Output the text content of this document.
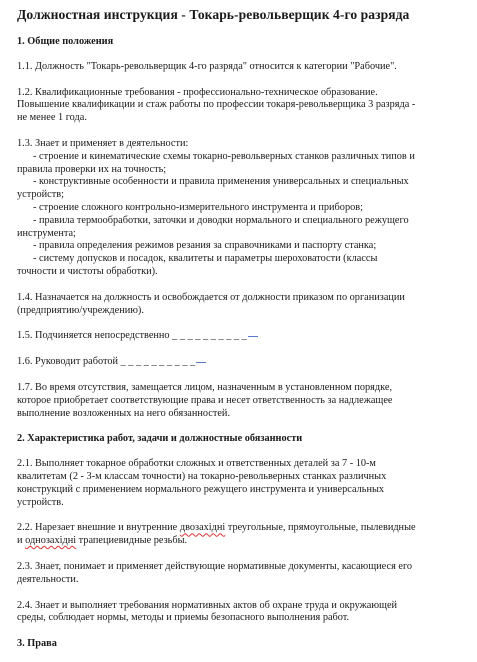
Должностная инструкция - Токарь-револьверщик 4-го разряда
1. Общие положения
1.1. Должность "Токарь-револьверщик 4-го разряда" относится к категории "Рабочие".
1.2. Квалификационные требования - профессионально-техническое образование.
Повышение квалификации и стаж работы по профессии токаря-револьверщика 3 разряда -
не менее 1 года.
1.3. Знает и применяет в деятельности:
- строение и кинематические схемы токарно-револьверных станков различных типов и
правила проверки их на точность;
- конструктивные особенности и правила применения универсальных и специальных
устройств;
- строение сложного контрольно-измерительного инструмента и приборов;
- правила термообработки, заточки и доводки нормального и специального режущего
инструмента;
- правила определения режимов резания за справочниками и паспорту станка;
- систему допусков и посадок, квалитеты и параметры шероховатости (классы
точности и чистоты обработки).
1.4. Назначается на должность и освобождается от должности приказом по организации
(предприятию/учреждению).
1.5. Подчиняется непосредственно _ _ _ _ _ _ _ _ _ _
1.6. Руководит работой _ _ _ _ _ _ _ _ _ _
1.7. Во время отсутствия, замещается лицом, назначенным в установленном порядке,
которое приобретает соответствующие права и несет ответственность за надлежащее
выполнение возложенных на него обязанностей.
2. Характеристика работ, задачи и должностные обязанности
2.1. Выполняет токарное обработки сложных и ответственных деталей за 7 - 10-м
квалитетам (2 - 3-м классам точности) на токарно-револьверных станках различных
конструкций с применением нормального режущего инструмента и универсальных
устройств.
2.2. Нарезает внешние и внутренние двозахідні треугольные, прямоугольные, пылевидные
и однозахідні трапециевидные резьбы.
2.3. Знает, понимает и применяет действующие нормативные документы, касающиеся его
деятельности.
2.4. Знает и выполняет требования нормативных актов об охране труда и окружающей
среды, соблюдает нормы, методы и приемы безопасного выполнения работ.
3. Права
